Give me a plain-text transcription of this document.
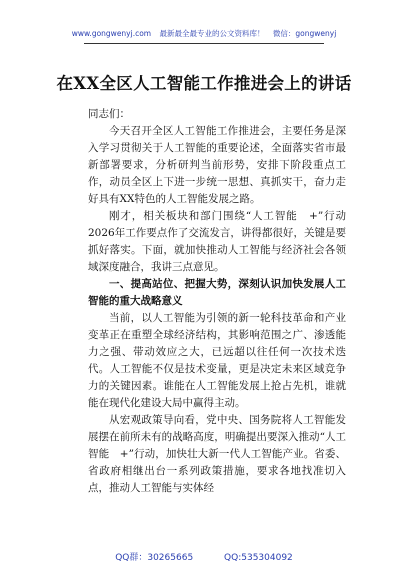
www.gongwenyj.com 最新最全最专业的公文资料库！ 微信：gongwenyj
在XX全区人工智能工作推进会上的讲话

同志们：

今天召开全区人工智能工作推进会，主要任务是深入学习贯彻关于人工智能的重要论述，全面落实省市最新部署要求，分析研判当前形势，安排下阶段重点工作，动员全区上下进一步统一思想、真抓实干，奋力走好具有XX特色的人工智能发展之路。

刚才，相关板块和部门围绕“人工智能　+”行动　2026年工作要点作了交流发言，讲得都很好，关键是要抓好落实。下面，就加快推动人工智能与经济社会各领域深度融合，我讲三点意见。

一、提高站位、把握大势，深刻认识加快发展人工智能的重大战略意义

当前，以人工智能为引领的新一轮科技革命和产业变革正在重塑全球经济结构，其影响范围之广、渗透能力之强、带动效应之大，已远超以往任何一次技术迭代。人工智能不仅是技术变量，更是决定未来区域竞争力的关键因素。谁能在人工智能发展上抢占先机，谁就能在现代化建设大局中赢得主动。

从宏观政策导向看，党中央、国务院将人工智能发展摆在前所未有的战略高度，明确提出要深入推动“人工智能　+”行动，加快壮大新一代人工智能产业。省委、省政府相继出台一系列政策措施，要求各地找准切入点，推动人工智能与实体经

QQ群：30265665	QQ:535304092
